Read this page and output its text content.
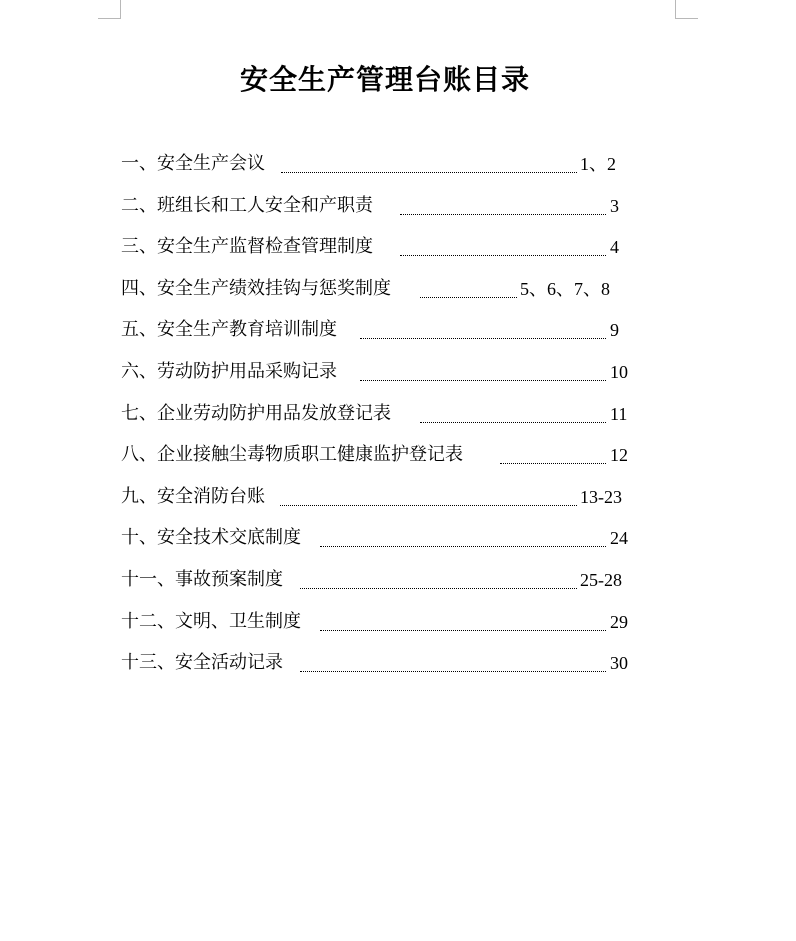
安全生产管理台账目录
一、安全生产会议	1、2
二、班组长和工人安全和产职责	3
三、安全生产监督检查管理制度	4
四、安全生产绩效挂钩与惩奖制度	5、6、7、8
五、安全生产教育培训制度	9
六、劳动防护用品采购记录	10
七、企业劳动防护用品发放登记表	11
八、企业接触尘毒物质职工健康监护登记表	12
九、安全消防台账	13-23
十、安全技术交底制度	24
十一、事故预案制度	25-28
十二、文明、卫生制度	29
十三、安全活动记录	30
